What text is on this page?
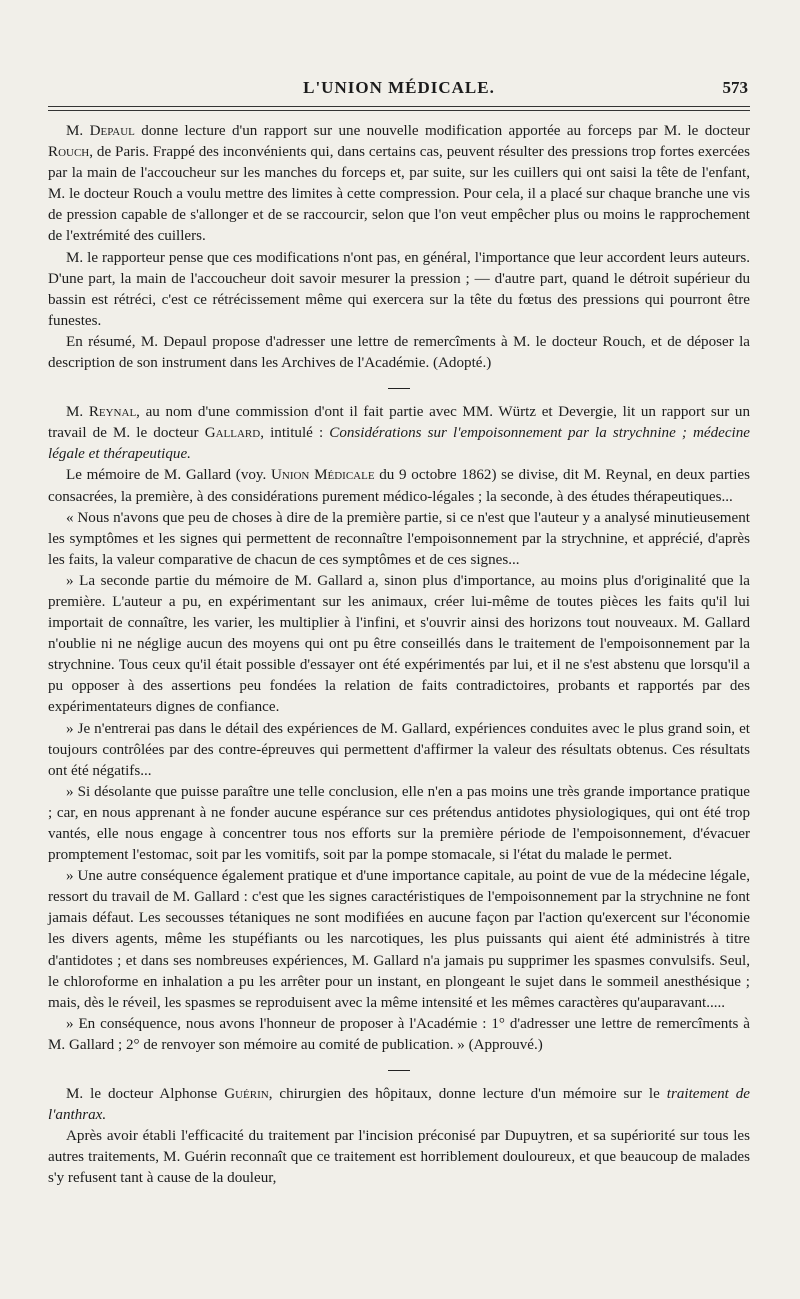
L'UNION MÉDICALE.	573

M. Depaul donne lecture d'un rapport sur une nouvelle modification apportée au forceps par M. le docteur Rouch, de Paris. Frappé des inconvénients qui, dans certains cas, peuvent résulter des pressions trop fortes exercées par la main de l'accoucheur sur les manches du forceps et, par suite, sur les cuillers qui ont saisi la tête de l'enfant, M. le docteur Rouch a voulu mettre des limites à cette compression. Pour cela, il a placé sur chaque branche une vis de pression capable de s'allonger et de se raccourcir, selon que l'on veut empêcher plus ou moins le rapprochement de l'extrémité des cuillers.

M. le rapporteur pense que ces modifications n'ont pas, en général, l'importance que leur accordent leurs auteurs. D'une part, la main de l'accoucheur doit savoir mesurer la pression ; — d'autre part, quand le détroit supérieur du bassin est rétréci, c'est ce rétrécissement même qui exercera sur la tête du fœtus des pressions qui pourront être funestes.

En résumé, M. Depaul propose d'adresser une lettre de remercîments à M. le docteur Rouch, et de déposer la description de son instrument dans les Archives de l'Académie. (Adopté.)

M. Reynal, au nom d'une commission d'ont il fait partie avec MM. Würtz et Devergie, lit un rapport sur un travail de M. le docteur Gallard, intitulé : Considérations sur l'empoisonnement par la strychnine ; médecine légale et thérapeutique.

Le mémoire de M. Gallard (voy. Union Médicale du 9 octobre 1862) se divise, dit M. Reynal, en deux parties consacrées, la première, à des considérations purement médico-légales ; la seconde, à des études thérapeutiques...

« Nous n'avons que peu de choses à dire de la première partie, si ce n'est que l'auteur y a analysé minutieusement les symptômes et les signes qui permettent de reconnaître l'empoisonnement par la strychnine, et apprécié, d'après les faits, la valeur comparative de chacun de ces symptômes et de ces signes...

» La seconde partie du mémoire de M. Gallard a, sinon plus d'importance, au moins plus d'originalité que la première. L'auteur a pu, en expérimentant sur les animaux, créer lui-même de toutes pièces les faits qu'il lui importait de connaître, les varier, les multiplier à l'infini, et s'ouvrir ainsi des horizons tout nouveaux. M. Gallard n'oublie ni ne néglige aucun des moyens qui ont pu être conseillés dans le traitement de l'empoisonnement par la strychnine. Tous ceux qu'il était possible d'essayer ont été expérimentés par lui, et il ne s'est abstenu que lorsqu'il a pu opposer à des assertions peu fondées la relation de faits contradictoires, probants et rapportés par des expérimentateurs dignes de confiance.

» Je n'entrerai pas dans le détail des expériences de M. Gallard, expériences conduites avec le plus grand soin, et toujours contrôlées par des contre-épreuves qui permettent d'affirmer la valeur des résultats obtenus. Ces résultats ont été négatifs...

» Si désolante que puisse paraître une telle conclusion, elle n'en a pas moins une très grande importance pratique ; car, en nous apprenant à ne fonder aucune espérance sur ces prétendus antidotes physiologiques, qui ont été trop vantés, elle nous engage à concentrer tous nos efforts sur la première période de l'empoisonnement, d'évacuer promptement l'estomac, soit par les vomitifs, soit par la pompe stomacale, si l'état du malade le permet.

» Une autre conséquence également pratique et d'une importance capitale, au point de vue de la médecine légale, ressort du travail de M. Gallard : c'est que les signes caractéristiques de l'empoisonnement par la strychnine ne font jamais défaut. Les secousses tétaniques ne sont modifiées en aucune façon par l'action qu'exercent sur l'économie les divers agents, même les stupéfiants ou les narcotiques, les plus puissants qui aient été administrés à titre d'antidotes ; et dans ses nombreuses expériences, M. Gallard n'a jamais pu supprimer les spasmes convulsifs. Seul, le chloroforme en inhalation a pu les arrêter pour un instant, en plongeant le sujet dans le sommeil anesthésique ; mais, dès le réveil, les spasmes se reproduisent avec la même intensité et les mêmes caractères qu'auparavant.....

» En conséquence, nous avons l'honneur de proposer à l'Académie : 1° d'adresser une lettre de remercîments à M. Gallard ; 2° de renvoyer son mémoire au comité de publication. » (Approuvé.)

M. le docteur Alphonse Guérin, chirurgien des hôpitaux, donne lecture d'un mémoire sur le traitement de l'anthrax.

Après avoir établi l'efficacité du traitement par l'incision préconisé par Dupuytren, et sa supériorité sur tous les autres traitements, M. Guérin reconnaît que ce traitement est horriblement douloureux, et que beaucoup de malades s'y refusent tant à cause de la douleur,
